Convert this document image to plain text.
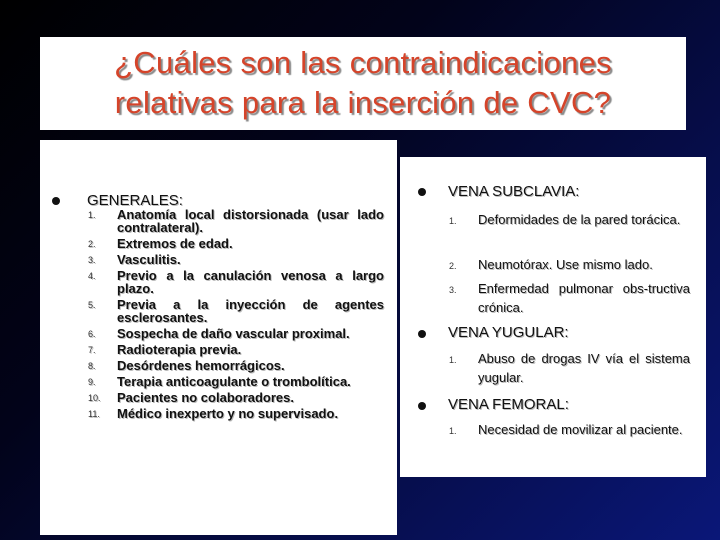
¿Cuáles son las contraindicaciones
relativas para la inserción de CVC?
GENERALES:
1.	Anatomía local distorsionada (usar lado contralateral).
2.	Extremos de edad.
3.	Vasculitis.
4.	Previo a la canulación venosa a largo plazo.
5.	Previa a la inyección de agentes esclerosantes.
6.	Sospecha de daño vascular proximal.
7.	Radioterapia previa.
8.	Desórdenes hemorrágicos.
9.	Terapia anticoagulante o trombolítica.
10.	Pacientes no colaboradores.
11.	Médico inexperto y no supervisado.
VENA SUBCLAVIA:
1. Deformidades de la pared torácica.
2. Neumotórax. Use mismo lado.
3. Enfermedad pulmonar obs-tructiva crónica.
VENA YUGULAR:
1. Abuso de drogas IV vía el sistema yugular.
VENA FEMORAL:
1. Necesidad de movilizar al paciente.
